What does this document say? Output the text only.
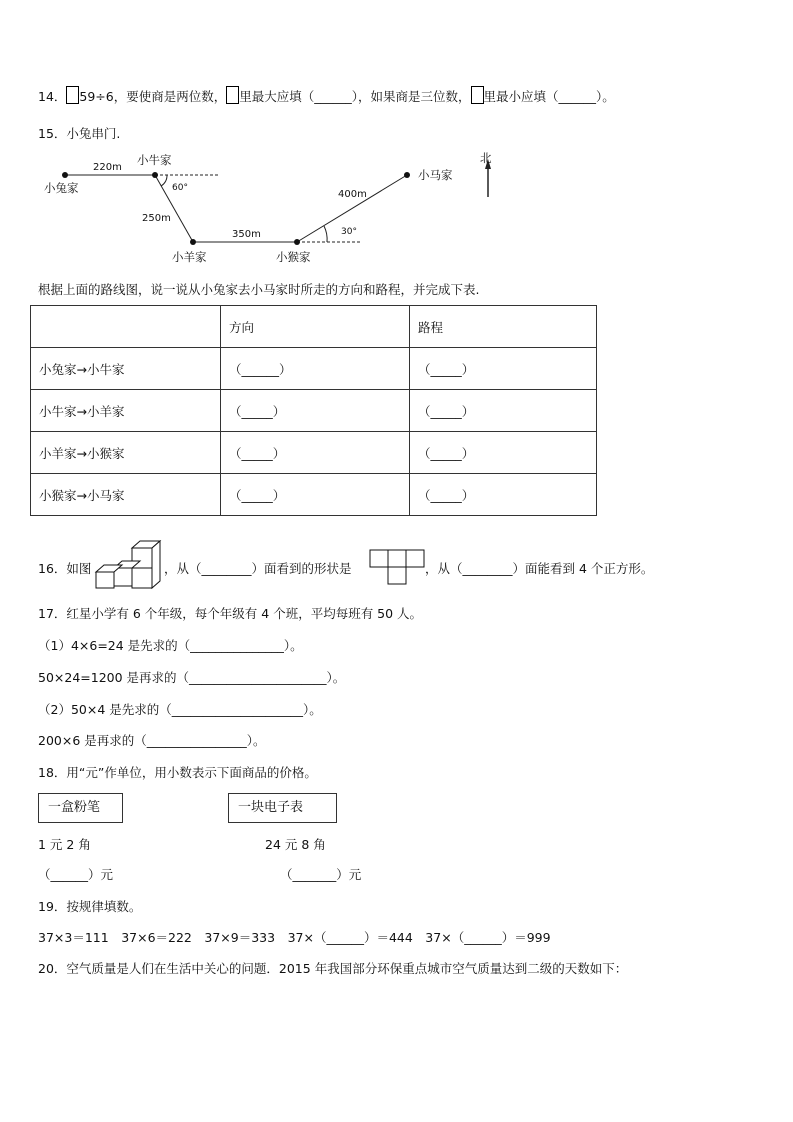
14． 59÷6，要使商是两位数， 里最大应填（______），如果商是三位数， 里最小应填（______）。
15．小兔串门.
小兔家
小牛家
小羊家	小猴家
小马家
北
220m
250m
350m
400m
60°
30°
根据上面的路线图，说一说从小兔家去小马家时所走的方向和路程，并完成下表.
	方向	路程
小兔家→小牛家	（______）	（_____）
小牛家→小羊家	（_____）	（_____）
小羊家→小猴家	（_____）	（_____）
小猴家→小马家	（_____）	（_____）
16．如图	，从（________）面看到的形状是	，从（________）面能看到 4 个正方形。
17．红星小学有 6 个年级，每个年级有 4 个班，平均每班有 50 人。
（1）4×6=24 是先求的（_______________）。
50×24=1200 是再求的（______________________）。
（2）50×4 是先求的（_____________________）。
200×6 是再求的（________________）。
18．用“元”作单位，用小数表示下面商品的价格。
一盒粉笔	一块电子表
1 元 2 角	24 元 8 角
（______）元	（_______）元
19．按规律填数。
37×3＝111　37×6＝222　37×9＝333　37×（______）＝444　37×（______）＝999
20．空气质量是人们在生活中关心的问题．2015 年我国部分环保重点城市空气质量达到二级的天数如下：
